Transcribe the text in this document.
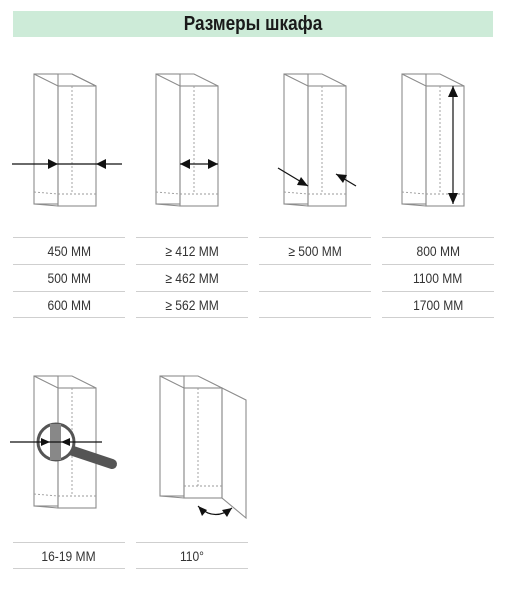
Размеры шкафа
450 MM
500 MM
600 MM
≥ 412 MM
≥ 462 MM
≥ 562 MM
≥ 500 MM	800 MM
1100 MM
1700 MM
16-19 MM	110°
